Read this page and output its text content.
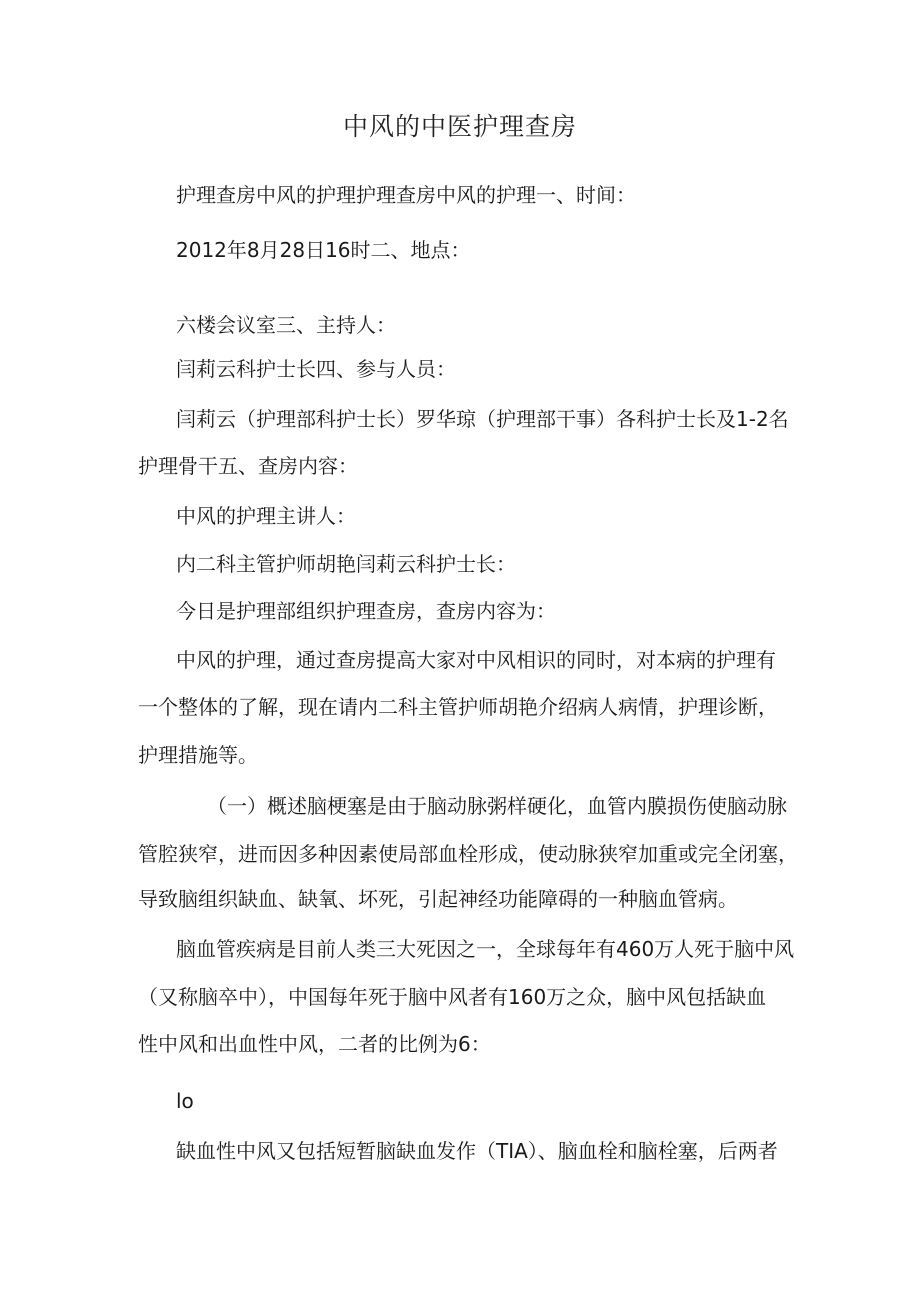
中风的中医护理查房
护理查房中风的护理护理查房中风的护理一、时间：
2012年8月28日16时二、地点：
六楼会议室三、主持人：
闫莉云科护士长四、参与人员：
闫莉云（护理部科护士长）罗华琼（护理部干事）各科护士长及1-2名
护理骨干五、查房内容：
中风的护理主讲人：
内二科主管护师胡艳闫莉云科护士长：
今日是护理部组织护理查房，查房内容为：
中风的护理，通过查房提高大家对中风相识的同时，对本病的护理有
一个整体的了解，现在请内二科主管护师胡艳介绍病人病情，护理诊断，
护理措施等。
（一）概述脑梗塞是由于脑动脉粥样硬化，血管内膜损伤使脑动脉
管腔狭窄，进而因多种因素使局部血栓形成，使动脉狭窄加重或完全闭塞，
导致脑组织缺血、缺氧、坏死，引起神经功能障碍的一种脑血管病。
脑血管疾病是目前人类三大死因之一，全球每年有460万人死于脑中风
（又称脑卒中），中国每年死于脑中风者有160万之众，脑中风包括缺血
性中风和出血性中风，二者的比例为6：
lo
缺血性中风又包括短暂脑缺血发作（TIA）、脑血栓和脑栓塞，后两者
